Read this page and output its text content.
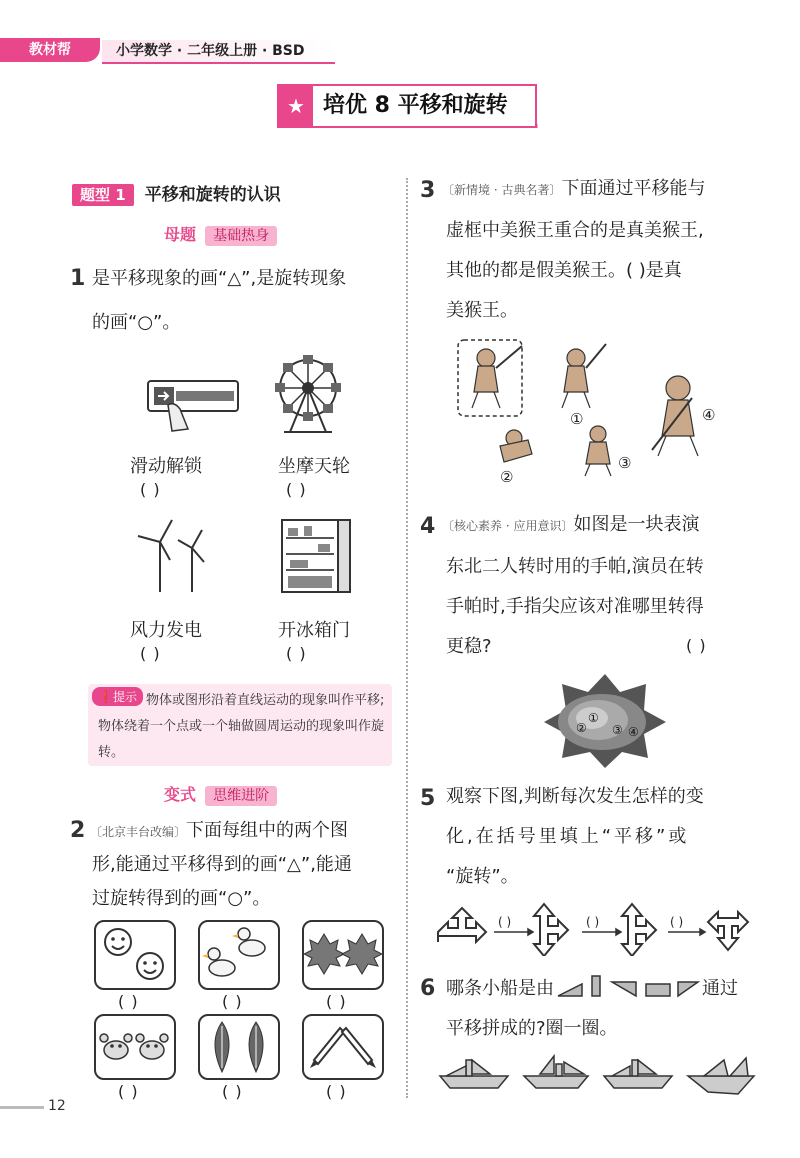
教材帮	小学数学 · 二年级上册 · BSD
★ 培优 8 平移和旋转
题型 1 平移和旋转的认识
母题 基础热身
1 是平移现象的画“△”,是旋转现象
的画“○”。
滑动解锁
( )
坐摩天轮
( )
风力发电
( )
开冰箱门
( )
物体或图形沿着直线运动的现象叫作平移;物体绕着一个点或一个轴做圆周运动的现象叫作旋转。
❗提示
变式 思维进阶
2 〔北京丰台改编〕下面每组中的两个图
形,能通过平移得到的画“△”,能通
过旋转得到的画“○”。
( )	( )	( )
( )	( )	( )
3 〔新情境 · 古典名著〕下面通过平移能与
虚框中美猴王重合的是真美猴王,
其他的都是假美猴王。( )是真
美猴王。
①
②
③
④
4 〔核心素养 · 应用意识〕如图是一块表演
东北二人转时用的手帕,演员在转
手帕时,手指尖应该对准哪里转得
更稳?	( )
①
② ③ ④
5 观察下图,判断每次发生怎样的变
化,在括号里填上“平移”或
“旋转”。
( )	( )	( )
6 哪条小船是由	通过
平移拼成的?圈一圈。
12
